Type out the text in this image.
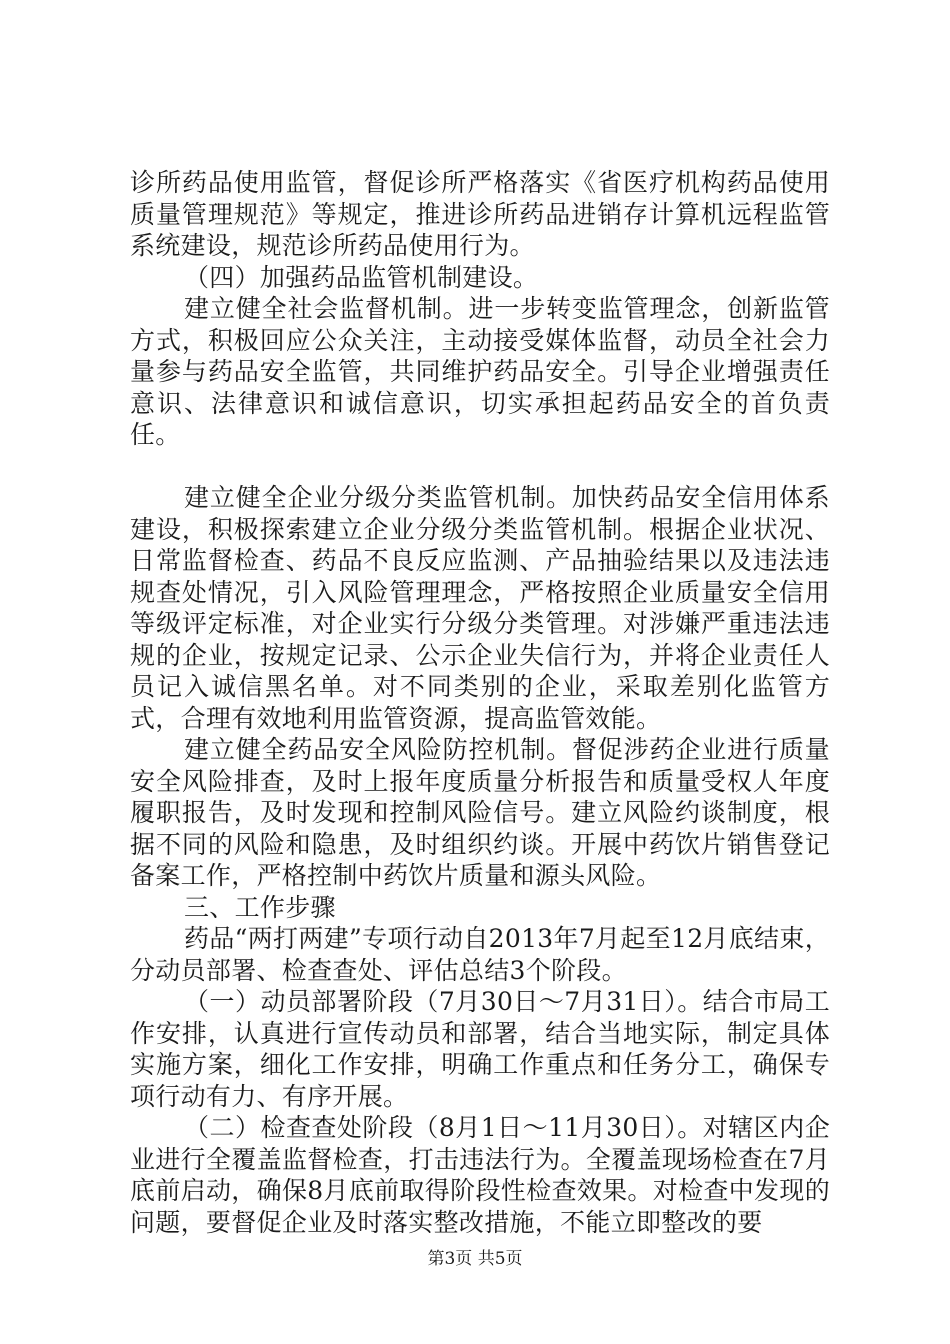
诊所药品使用监管，督促诊所严格落实《省医疗机构药品使用质量管理规范》等规定，推进诊所药品进销存计算机远程监管系统建设，规范诊所药品使用行为。

（四）加强药品监管机制建设。

建立健全社会监督机制。进一步转变监管理念，创新监管方式，积极回应公众关注，主动接受媒体监督，动员全社会力量参与药品安全监管，共同维护药品安全。引导企业增强责任意识、法律意识和诚信意识，切实承担起药品安全的首负责任。

建立健全企业分级分类监管机制。加快药品安全信用体系建设，积极探索建立企业分级分类监管机制。根据企业状况、日常监督检查、药品不良反应监测、产品抽验结果以及违法违规查处情况，引入风险管理理念，严格按照企业质量安全信用等级评定标准，对企业实行分级分类管理。对涉嫌严重违法违规的企业，按规定记录、公示企业失信行为，并将企业责任人员记入诚信黑名单。对不同类别的企业，采取差别化监管方式，合理有效地利用监管资源，提高监管效能。

建立健全药品安全风险防控机制。督促涉药企业进行质量安全风险排查，及时上报年度质量分析报告和质量受权人年度履职报告，及时发现和控制风险信号。建立风险约谈制度，根据不同的风险和隐患，及时组织约谈。开展中药饮片销售登记备案工作，严格控制中药饮片质量和源头风险。

三、工作步骤

药品“两打两建”专项行动自2013年7月起至12月底结束，分动员部署、检查查处、评估总结3个阶段。

（一）动员部署阶段（7月30日～7月31日）。结合市局工作安排，认真进行宣传动员和部署，结合当地实际，制定具体实施方案，细化工作安排，明确工作重点和任务分工，确保专项行动有力、有序开展。

（二）检查查处阶段（8月1日～11月30日）。对辖区内企业进行全覆盖监督检查，打击违法行为。全覆盖现场检查在7月底前启动，确保8月底前取得阶段性检查效果。对检查中发现的问题，要督促企业及时落实整改措施，不能立即整改的要

第3页 共5页
